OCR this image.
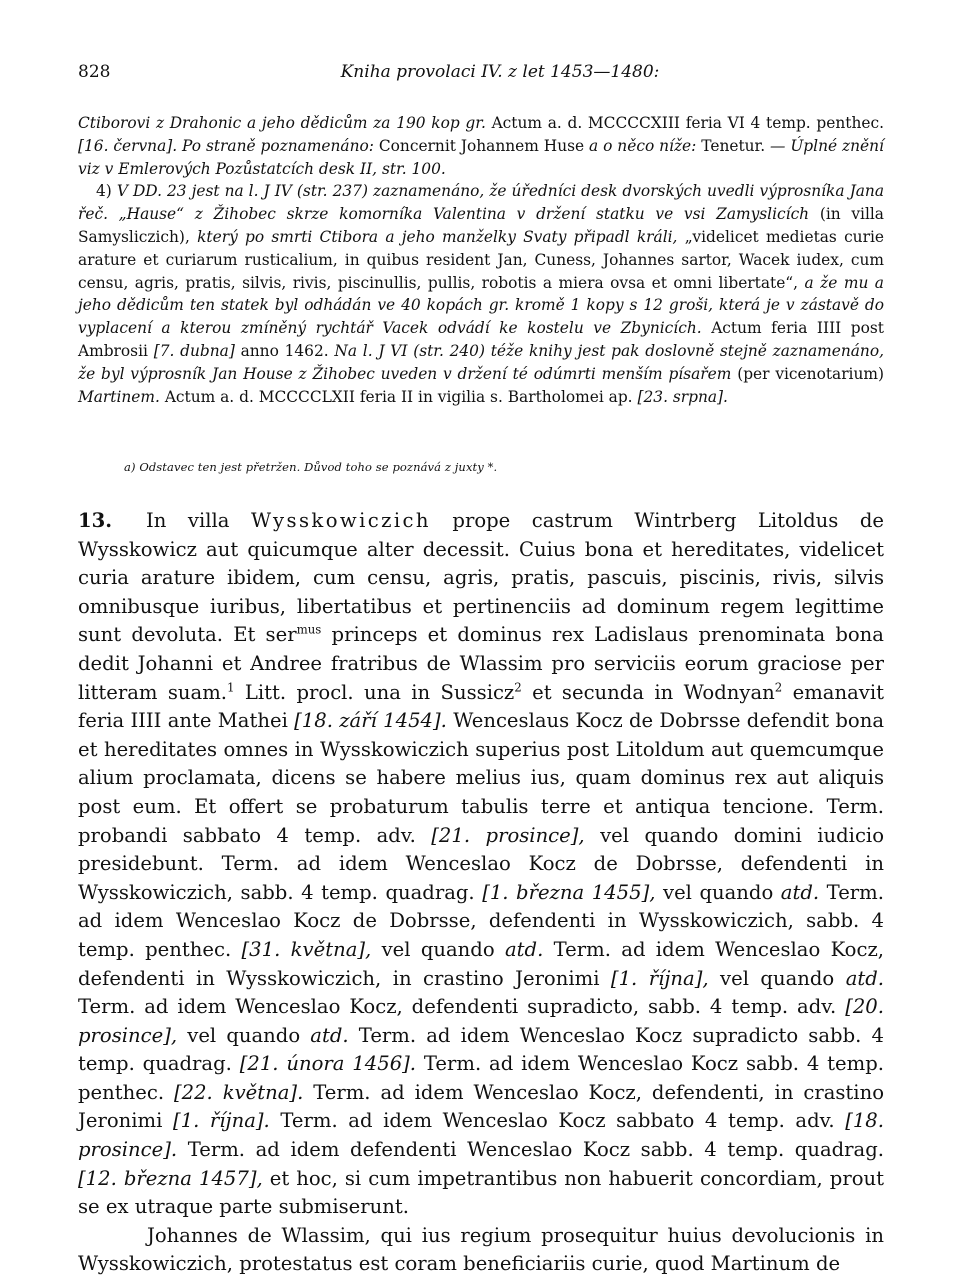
828	Kniha provolaci IV. z let 1453—1480:

Ctiborovi z Drahonic a jeho dědicům za 190 kop gr. Actum a. d. MCCCCXIII feria VI 4 temp. penthec. [16. června]. Po straně poznamenáno: Concernit Johannem Huse a o něco níže: Tenetur. — Úplné znění viz v Emlerových Pozůstatcích desk II, str. 100.

4) V DD. 23 jest na l. J IV (str. 237) zaznamenáno, že úředníci desk dvorských uvedli výprosníka Jana řeč. „Hause“ z Žihobec skrze komorníka Valentina v držení statku ve vsi Zamyslicích (in villa Samysliczich), který po smrti Ctibora a jeho manželky Svaty připadl králi, „videlicet medietas curie arature et curiarum rusticalium, in quibus resident Jan, Cuness, Johannes sartor, Wacek iudex, cum censu, agris, pratis, silvis, rivis, piscinullis, pullis, robotis a miera ovsa et omni libertate“, a že mu a jeho dědicům ten statek byl odhádán ve 40 kopách gr. kromě 1 kopy s 12 groši, která je v zástavě do vyplacení a kterou zmíněný rychtář Vacek odvádí ke kostelu ve Zbynicích. Actum feria IIII post Ambrosii [7. dubna] anno 1462. Na l. J VI (str. 240) téže knihy jest pak doslovně stejně zaznamenáno, že byl výprosník Jan House z Žihobec uveden v držení té odúmrti menším písařem (per vicenotarium) Martinem. Actum a. d. MCCCCLXII feria II in vigilia s. Bartholomei ap. [23. srpna].

a) Odstavec ten jest přetržen. Důvod toho se poznává z juxty *.

13. In villa Wysskowiczich prope castrum Wintrberg Litoldus de Wysskowicz aut quicumque alter decessit. Cuius bona et hereditates, videlicet curia arature ibidem, cum censu, agris, pratis, pascuis, piscinis, rivis, silvis omnibusque iuribus, libertatibus et pertinenciis ad dominum regem legittime sunt devoluta. Et ser$^{mus}$ princeps et dominus rex Ladislaus prenominata bona dedit Johanni et Andree fratribus de Wlassim pro serviciis eorum graciose per litteram suam.$^1$ Litt. procl. una in Sussicz$^2$ et secunda in Wodnyan$^2$ emanavit feria IIII ante Mathei [18. září 1454]. Wenceslaus Kocz de Dobrsse defendit bona et hereditates omnes in Wysskowiczich superius post Litoldum aut quemcumque alium proclamata, dicens se habere melius ius, quam dominus rex aut aliquis post eum. Et offert se probaturum tabulis terre et antiqua tencione. Term. probandi sabbato 4 temp. adv. [21. prosince], vel quando domini iudicio presidebunt. Term. ad idem Wenceslao Kocz de Dobrsse, defendenti in Wysskowiczich, sabb. 4 temp. quadrag. [1. března 1455], vel quando atd. Term. ad idem Wenceslao Kocz de Dobrsse, defendenti in Wysskowiczich, sabb. 4 temp. penthec. [31. května], vel quando atd. Term. ad idem Wenceslao Kocz, defendenti in Wysskowiczich, in crastino Jeronimi [1. října], vel quando atd. Term. ad idem Wenceslao Kocz, defendenti supradicto, sabb. 4 temp. adv. [20. prosince], vel quando atd. Term. ad idem Wenceslao Kocz supradicto sabb. 4 temp. quadrag. [21. února 1456]. Term. ad idem Wenceslao Kocz sabb. 4 temp. penthec. [22. května]. Term. ad idem Wenceslao Kocz, defendenti, in crastino Jeronimi [1. října]. Term. ad idem Wenceslao Kocz sabbato 4 temp. adv. [18. prosince]. Term. ad idem defendenti Wenceslao Kocz sabb. 4 temp. quadrag. [12. března 1457], et hoc, si cum impetrantibus non habuerit concordiam, prout se ex utraque parte submiserunt.

Johannes de Wlassim, qui ius regium prosequitur huius devolucionis in Wysskowiczich, protestatus est coram beneficiariis curie, quod Martinum de
